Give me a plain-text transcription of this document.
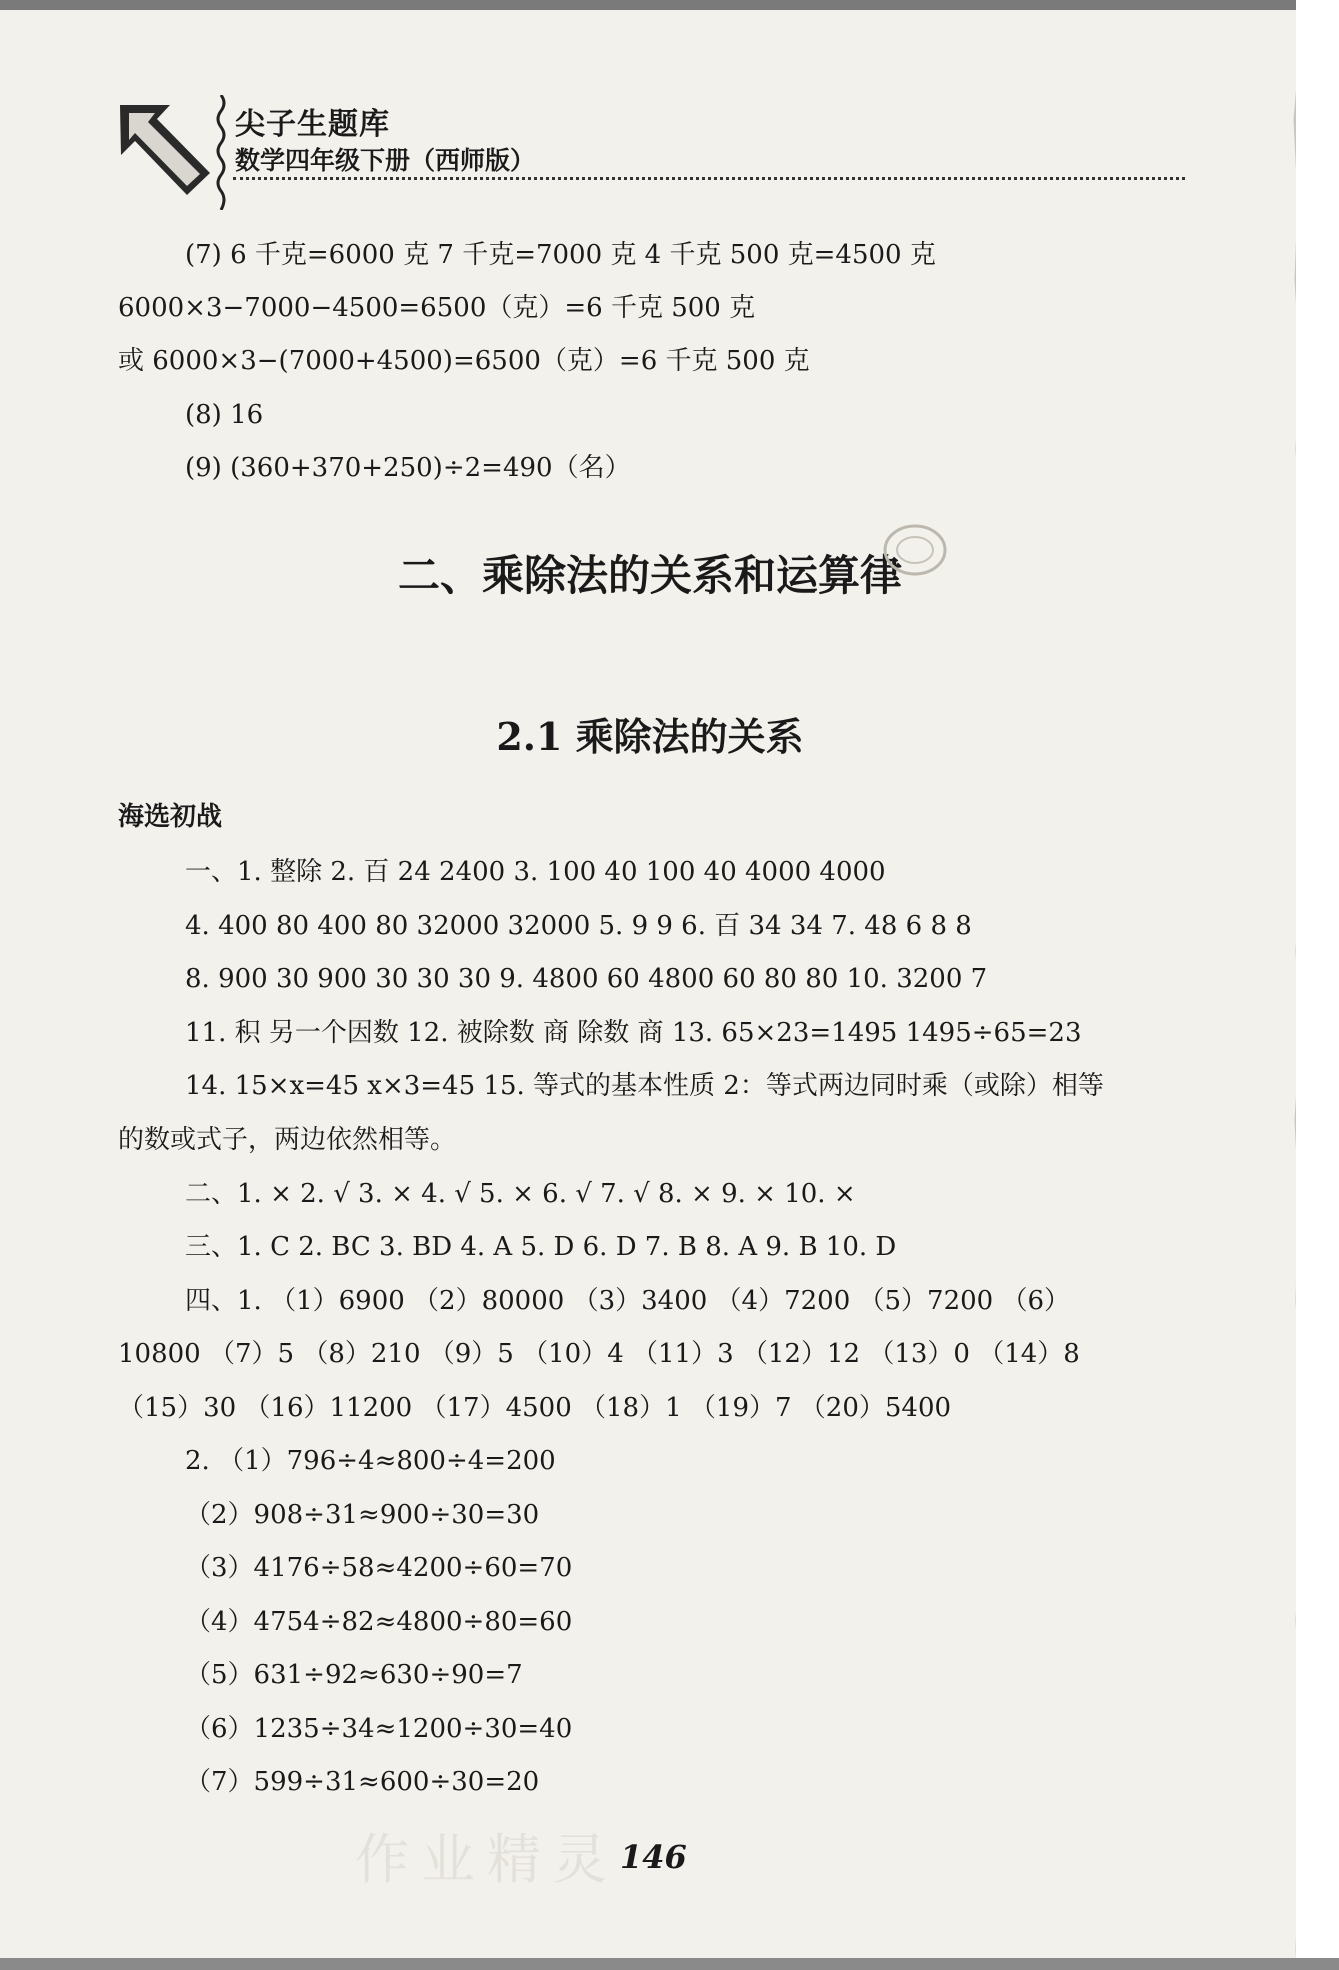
尖子生题库
数学四年级下册（西师版）
(7) 6 千克=6000 克 7 千克=7000 克 4 千克 500 克=4500 克
6000×3−7000−4500=6500（克）=6 千克 500 克
或 6000×3−(7000+4500)=6500（克）=6 千克 500 克
(8) 16
(9) (360+370+250)÷2=490（名）
二、乘除法的关系和运算律
2.1 乘除法的关系
海选初战
一、1. 整除 2. 百 24 2400 3. 100 40 100 40 4000 4000
4. 400 80 400 80 32000 32000 5. 9 9 6. 百 34 34 7. 48 6 8 8
8. 900 30 900 30 30 30 9. 4800 60 4800 60 80 80 10. 3200 7
11. 积 另一个因数 12. 被除数 商 除数 商 13. 65×23=1495 1495÷65=23
14. 15×x=45 x×3=45 15. 等式的基本性质 2：等式两边同时乘（或除）相等
的数或式子，两边依然相等。
二、1. × 2. √ 3. × 4. √ 5. × 6. √ 7. √ 8. × 9. × 10. ×
三、1. C 2. BC 3. BD 4. A 5. D 6. D 7. B 8. A 9. B 10. D
四、1. （1）6900 （2）80000 （3）3400 （4）7200 （5）7200 （6）
10800 （7）5 （8）210 （9）5 （10）4 （11）3 （12）12 （13）0 （14）8
（15）30 （16）11200 （17）4500 （18）1 （19）7 （20）5400
2. （1）796÷4≈800÷4=200
（2）908÷31≈900÷30=30
（3）4176÷58≈4200÷60=70
（4）4754÷82≈4800÷80=60
（5）631÷92≈630÷90=7
（6）1235÷34≈1200÷30=40
（7）599÷31≈600÷30=20
作业精灵 146
